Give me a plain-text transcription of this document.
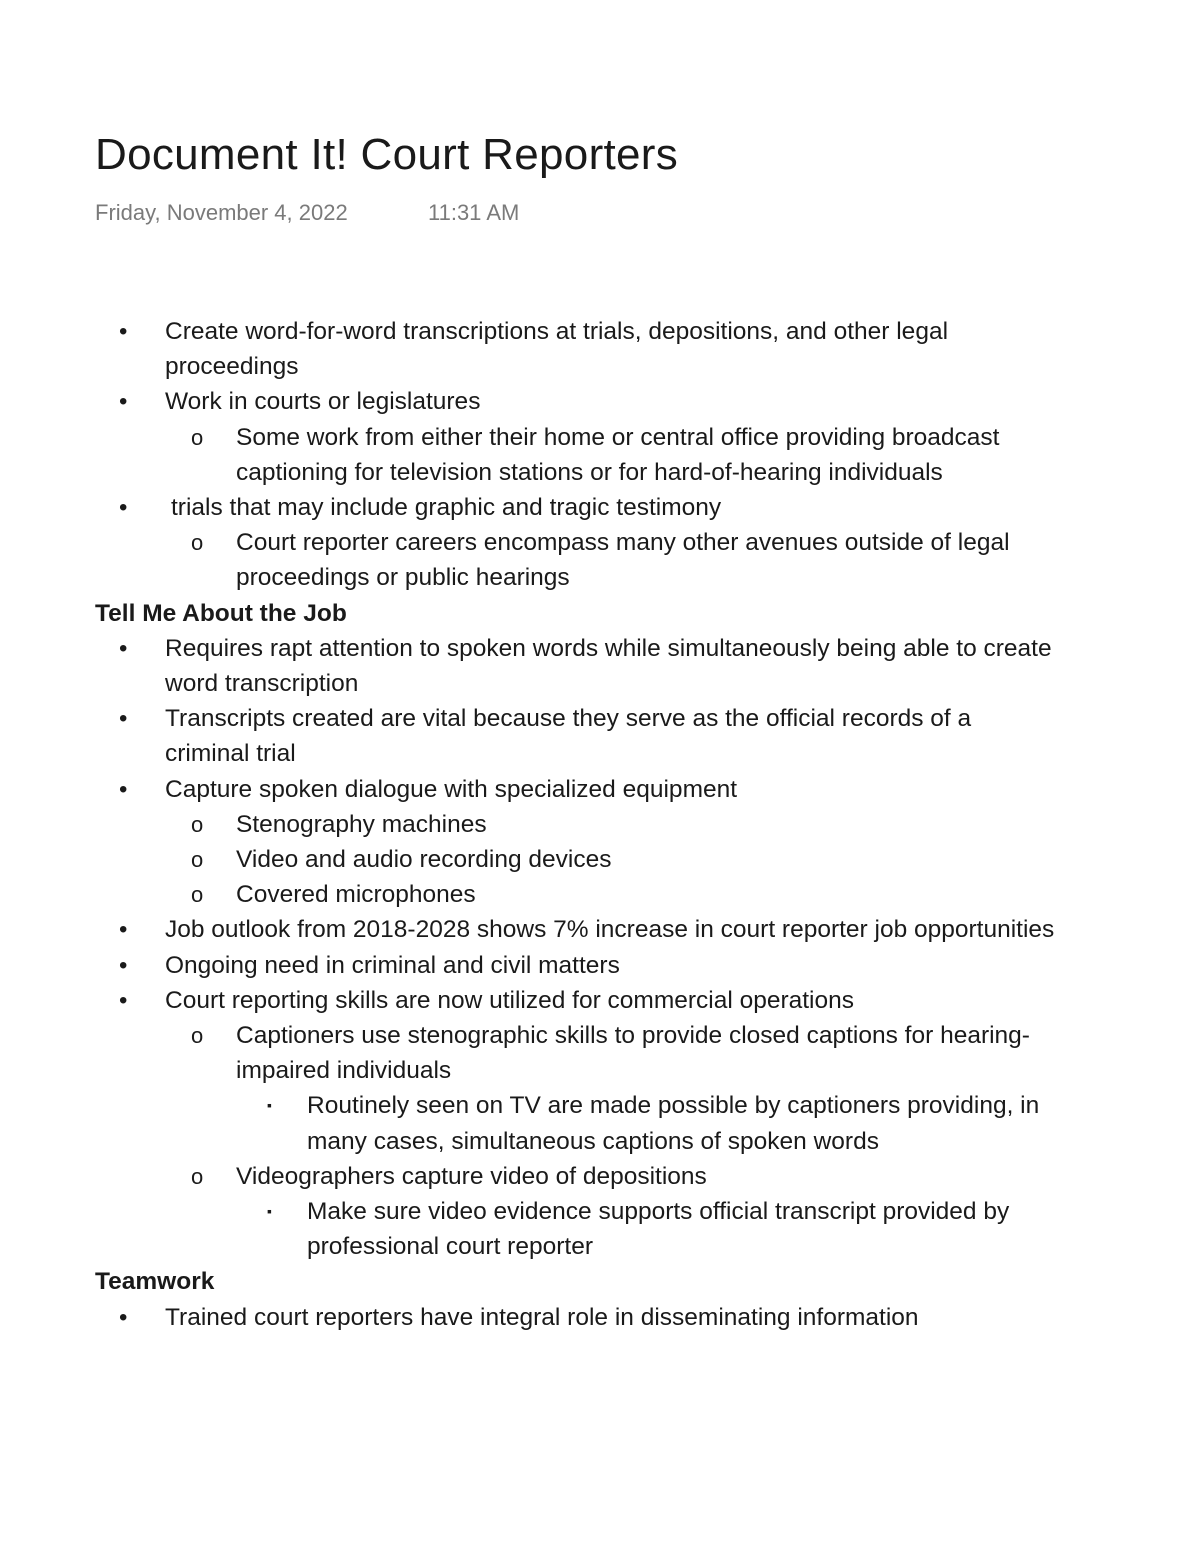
Document It! Court Reporters
Friday, November 4, 2022	11:31 AM
• Create word-for-word transcriptions at trials, depositions, and other legal proceedings
• Work in courts or legislatures
o Some work from either their home or central office providing broadcast captioning for television stations or for hard-of-hearing individuals
• trials that may include graphic and tragic testimony
o Court reporter careers encompass many other avenues outside of legal proceedings or public hearings

Tell Me About the Job

• Requires rapt attention to spoken words while simultaneously being able to create word transcription
• Transcripts created are vital because they serve as the official records of a criminal trial
• Capture spoken dialogue with specialized equipment
o Stenography machines
o Video and audio recording devices
o Covered microphones
• Job outlook from 2018-2028 shows 7% increase in court reporter job opportunities
• Ongoing need in criminal and civil matters
• Court reporting skills are now utilized for commercial operations
o Captioners use stenographic skills to provide closed captions for hearing-impaired individuals
▪ Routinely seen on TV are made possible by captioners providing, in many cases, simultaneous captions of spoken words
o Videographers capture video of depositions
▪ Make sure video evidence supports official transcript provided by professional court reporter

Teamwork

• Trained court reporters have integral role in disseminating information
